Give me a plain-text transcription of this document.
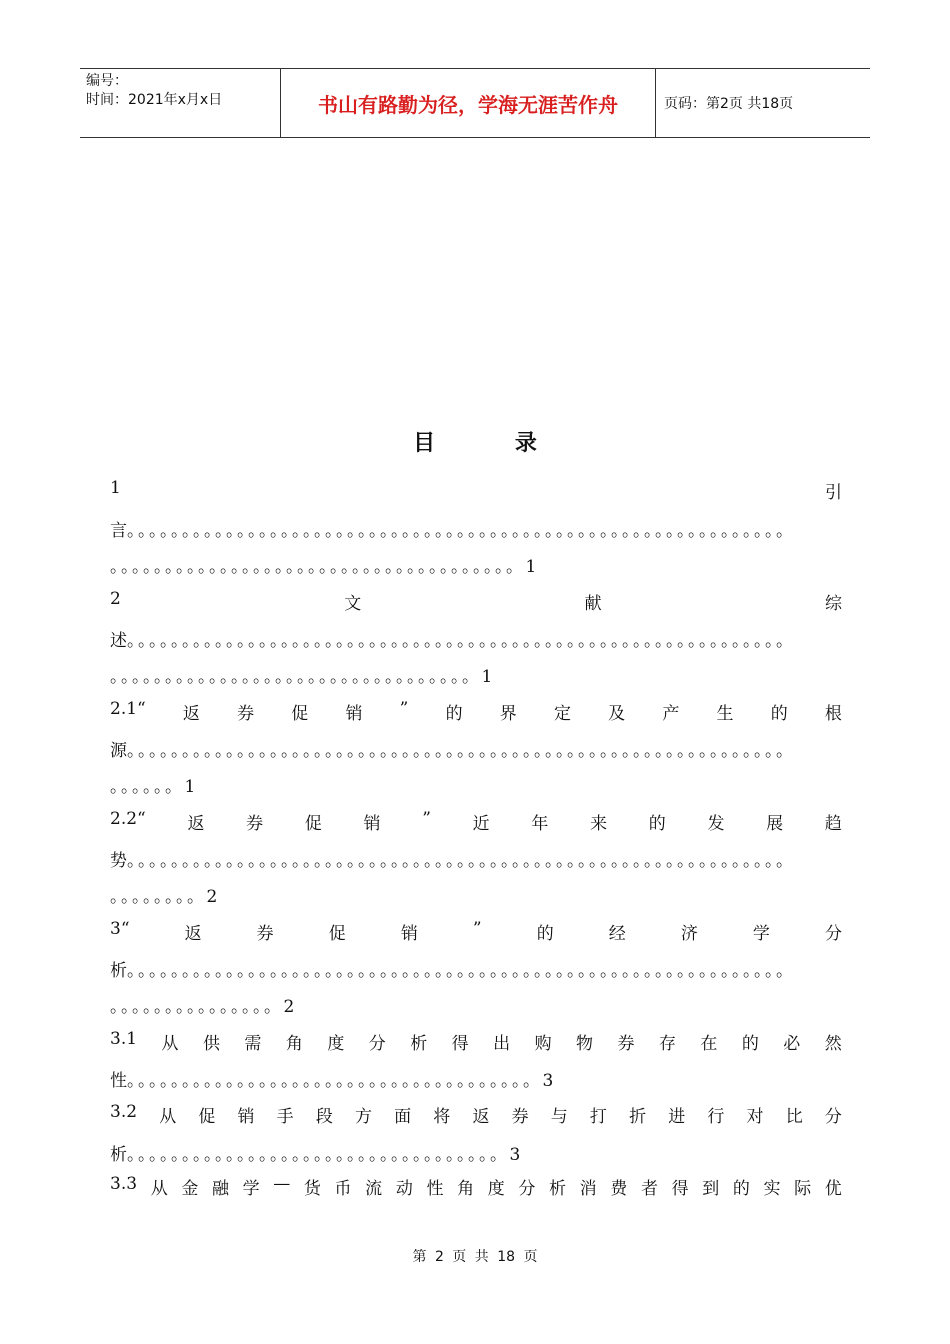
编号：
时间：2021年x月x日	书山有路勤为径，学海无涯苦作舟	页码：第2页 共18页
目 录
1	引
言。。。。。。。。。。。。。。。。。。。。。。。。。。。。。。。。。。。。。。。。。。。。。。。。。。。。。。。。。。。。
。。。。。。。。。。。。。。。。。。。。。。。。。。。。。。。。。。。。。1
2	文	献	综
述。。。。。。。。。。。。。。。。。。。。。。。。。。。。。。。。。。。。。。。。。。。。。。。。。。。。。。。。。。。。
。。。。。。。。。。。。。。。。。。。。。。。。。。。。。。。。。1
2.1“ 返 券 促 销 ” 的 界 定 及 产 生 的 根
源。。。。。。。。。。。。。。。。。。。。。。。。。。。。。。。。。。。。。。。。。。。。。。。。。。。。。。。。。。。。
。。。。。。1
2.2“ 返 券 促 销 ” 近 年 来 的 发 展 趋
势。。。。。。。。。。。。。。。。。。。。。。。。。。。。。。。。。。。。。。。。。。。。。。。。。。。。。。。。。。。。
。。。。。。。。2
3“	返	券	促	销	”	的	经	济	学	分
析。。。。。。。。。。。。。。。。。。。。。。。。。。。。。。。。。。。。。。。。。。。。。。。。。。。。。。。。。。。。
。。。。。。。。。。。。。。。2
3.1 从 供 需 角 度 分 析 得 出 购 物 券 存 在 的 必 然
性。。。。。。。。。。。。。。。。。。。。。。。。。。。。。。。。。。。。。3
3.2 从 促 销 手 段 方 面 将 返 券 与 打 折 进 行 对 比 分
析。。。。。。。。。。。。。。。。。。。。。。。。。。。。。。。。。。3
3.3 从 金 融 学 — 货 币 流 动 性 角 度 分 析 消 费 者 得 到 的 实 际 优
第 2 页 共 18 页
